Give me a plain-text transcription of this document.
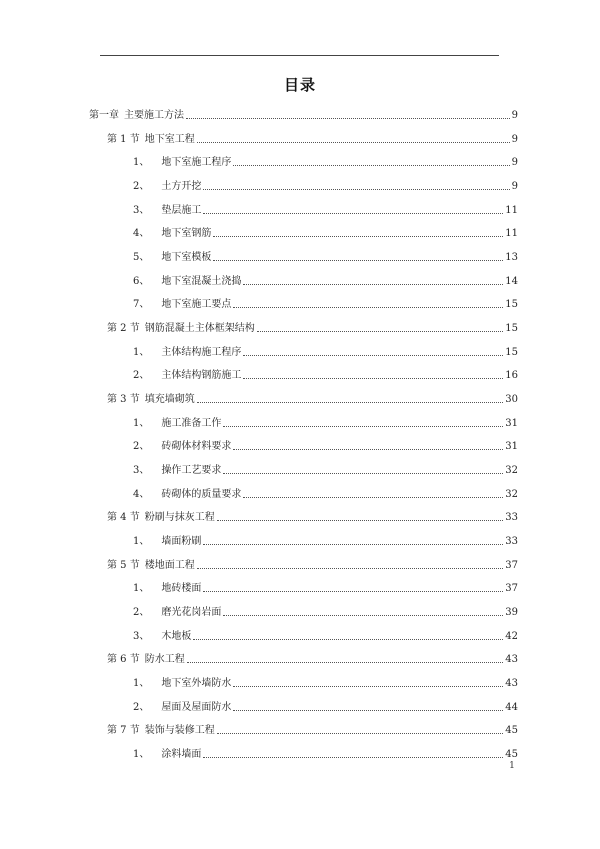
目录
第一章 主要施工方法	9
第 1 节 地下室工程	9
1、	地下室施工程序	9
2、	土方开挖	9
3、	垫层施工	11
4、	地下室钢筋	11
5、	地下室模板	13
6、	地下室混凝土浇捣	14
7、	地下室施工要点	15
第 2 节 钢筋混凝土主体框架结构	15
1、	主体结构施工程序	15
2、	主体结构钢筋施工	16
第 3 节 填充墙砌筑	30
1、	施工准备工作	31
2、	砖砌体材料要求	31
3、	操作工艺要求	32
4、	砖砌体的质量要求	32
第 4 节 粉刷与抹灰工程	33
1、	墙面粉刷	33
第 5 节 楼地面工程	37
1、	地砖楼面	37
2、	磨光花岗岩面	39
3、	木地板	42
第 6 节 防水工程	43
1、	地下室外墙防水	43
2、	屋面及屋面防水	44
第 7 节 装饰与装修工程	45
1、	涂料墙面	45
1
